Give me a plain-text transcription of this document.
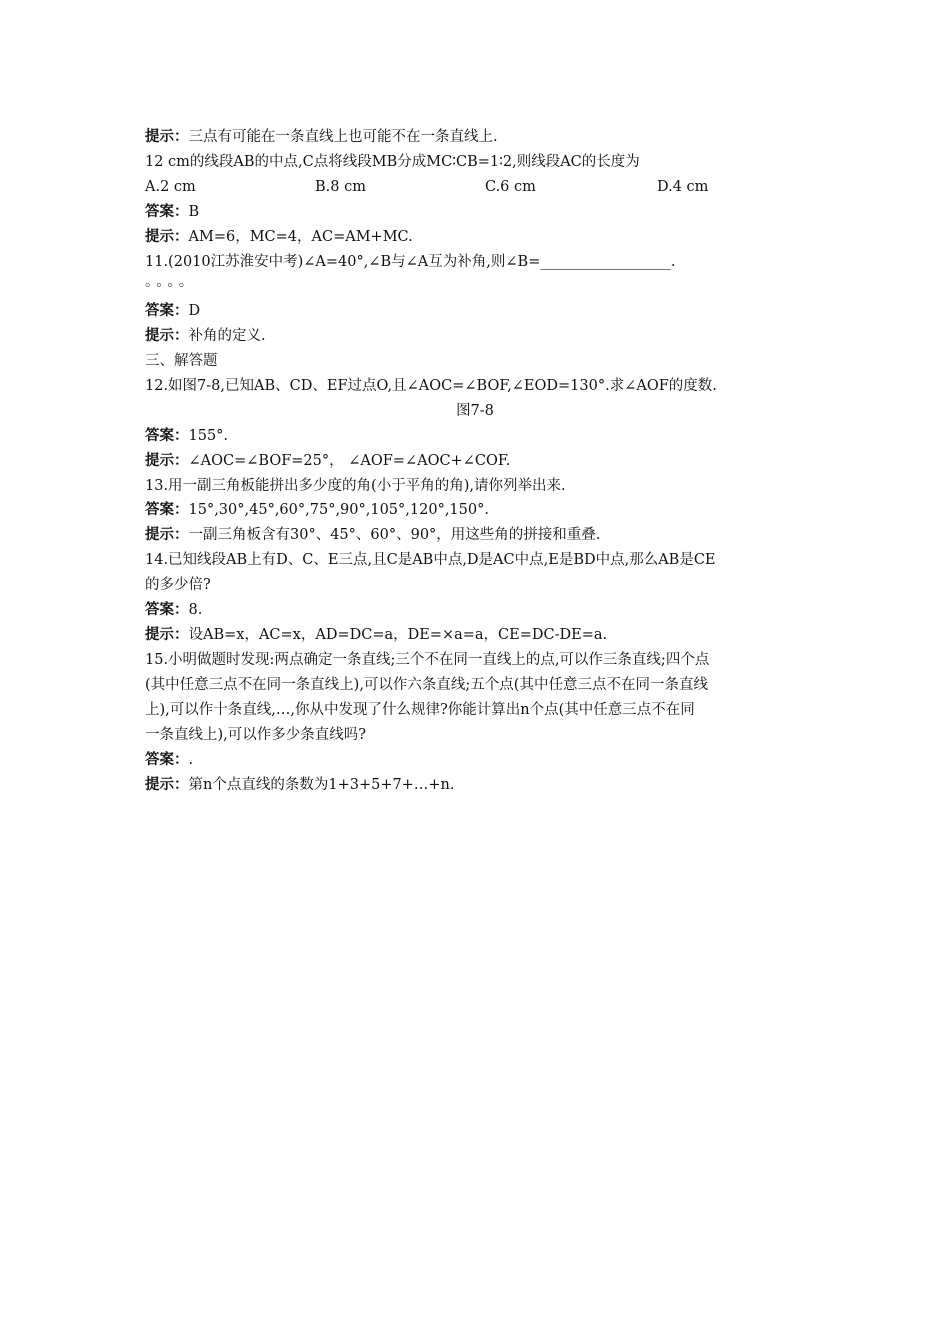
提示：三点有可能在一条直线上也可能不在一条直线上.
12 cm的线段AB的中点,C点将线段MB分成MC∶CB=1∶2,则线段AC的长度为
A.2 cm	B.8 cm	C.6 cm	D.4 cm
答案：B
提示：AM=6，MC=4，AC=AM+MC.
11.(2010江苏淮安中考)∠A=40°,∠B与∠A互为补角,则∠B=__________________.
。。。。
答案：D
提示：补角的定义.
三、解答题
12.如图7-8,已知AB、CD、EF过点O,且∠AOC=∠BOF,∠EOD=130°.求∠AOF的度数.
图7-8
答案：155°.
提示：∠AOC=∠BOF=25°， ∠AOF=∠AOC+∠COF.
13.用一副三角板能拼出多少度的角(小于平角的角),请你列举出来.
答案：15°,30°,45°,60°,75°,90°,105°,120°,150°.
提示：一副三角板含有30°、45°、60°、90°，用这些角的拼接和重叠.
14.已知线段AB上有D、C、E三点,且C是AB中点,D是AC中点,E是BD中点,那么AB是CE
的多少倍?
答案：8.
提示：设AB=x，AC=x，AD=DC=a，DE=×a=a，CE=DC-DE=a.
15.小明做题时发现:两点确定一条直线;三个不在同一直线上的点,可以作三条直线;四个点
(其中任意三点不在同一条直线上),可以作六条直线;五个点(其中任意三点不在同一条直线
上),可以作十条直线,…,你从中发现了什么规律?你能计算出n个点(其中任意三点不在同
一条直线上),可以作多少条直线吗?
答案：.
提示：第n个点直线的条数为1+3+5+7+…+n.
